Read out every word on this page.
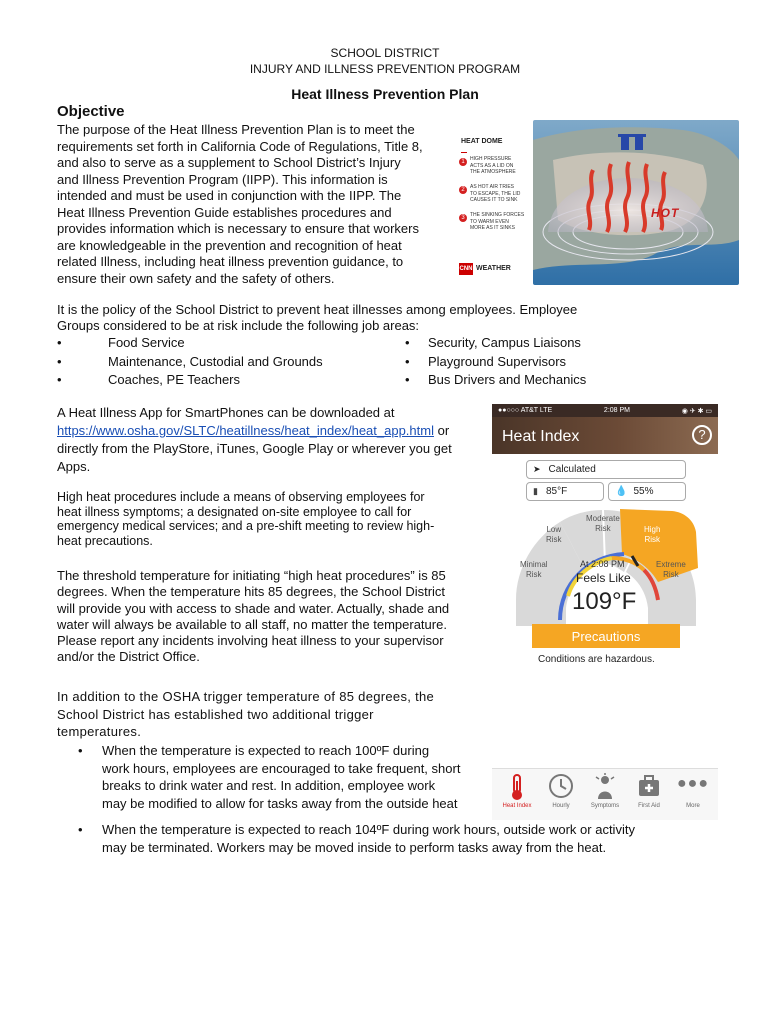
SCHOOL DISTRICT
INJURY AND ILLNESS PREVENTION PROGRAM
Heat Illness Prevention Plan
Objective
The purpose of the Heat Illness Prevention Plan is to meet the
requirements set forth in California Code of Regulations, Title 8,
and also to serve as a supplement to School District’s Injury
and Illness Prevention Program (IIPP). This information is
intended and must be used in conjunction with the IIPP. The
Heat Illness Prevention Guide establishes procedures and
provides information which is necessary to ensure that workers
are knowledgeable in the prevention and recognition of heat
related Illness, including heat illness prevention guidance, to
ensure their own safety and the safety of others.
HEAT DOME
1	HIGH PRESSURE
ACTS AS A LID ON
THE ATMOSPHERE
2	AS HOT AIR TRIES
TO ESCAPE, THE LID
CAUSES IT TO SINK
3	THE SINKING FORCES
TO WARM EVEN
MORE AS IT SINKS
CNN WEATHER
HOT
It is the policy of the School District to prevent heat illnesses among employees. Employee
Groups considered to be at risk include the following job areas:
•	Food Service
•	Maintenance, Custodial and Grounds
•	Coaches, PE Teachers
• Security, Campus Liaisons
• Playground Supervisors
• Bus Drivers and Mechanics
A Heat Illness App for SmartPhones can be downloaded at
https://www.osha.gov/SLTC/heatillness/heat_index/heat_app.html or
directly from the PlayStore, iTunes, Google Play or wherever you get
Apps.
High heat procedures include a means of observing employees for
heat illness symptoms; a designated on-site employee to call for
emergency medical services; and a pre-shift meeting to review high-
heat precautions.
The threshold temperature for initiating “high heat procedures” is 85
degrees. When the temperature hits 85 degrees, the School District
will provide you with access to shade and water. Actually, shade and
water will always be available to all staff, no matter the temperature.
Please report any incidents involving heat illness to your supervisor
and/or the District Office.
In addition to the OSHA trigger temperature of 85 degrees, the
School District has established two additional trigger
temperatures.
• When the temperature is expected to reach 100ºF during
work hours, employees are encouraged to take frequent, short
breaks to drink water and rest. In addition, employee work
may be modified to allow for tasks away from the outside heat
• When the temperature is expected to reach 104ºF during work hours, outside work or activity
may be terminated. Workers may be moved inside to perform tasks away from the heat.
●●○○○ AT&T LTE	2:08 PM	◉ ✈ ✱ ▭
Heat Index	?
➤ Calculated
▮ 85°F	💧 55%
Low
Risk
Moderate
Risk	High
Risk
Minimal
Risk
Extreme
Risk
At 2:08 PM
Feels Like
109°F
Precautions
Conditions are hazardous.
Heat Index	Hourly	Symptoms	First Aid
●●●
More
